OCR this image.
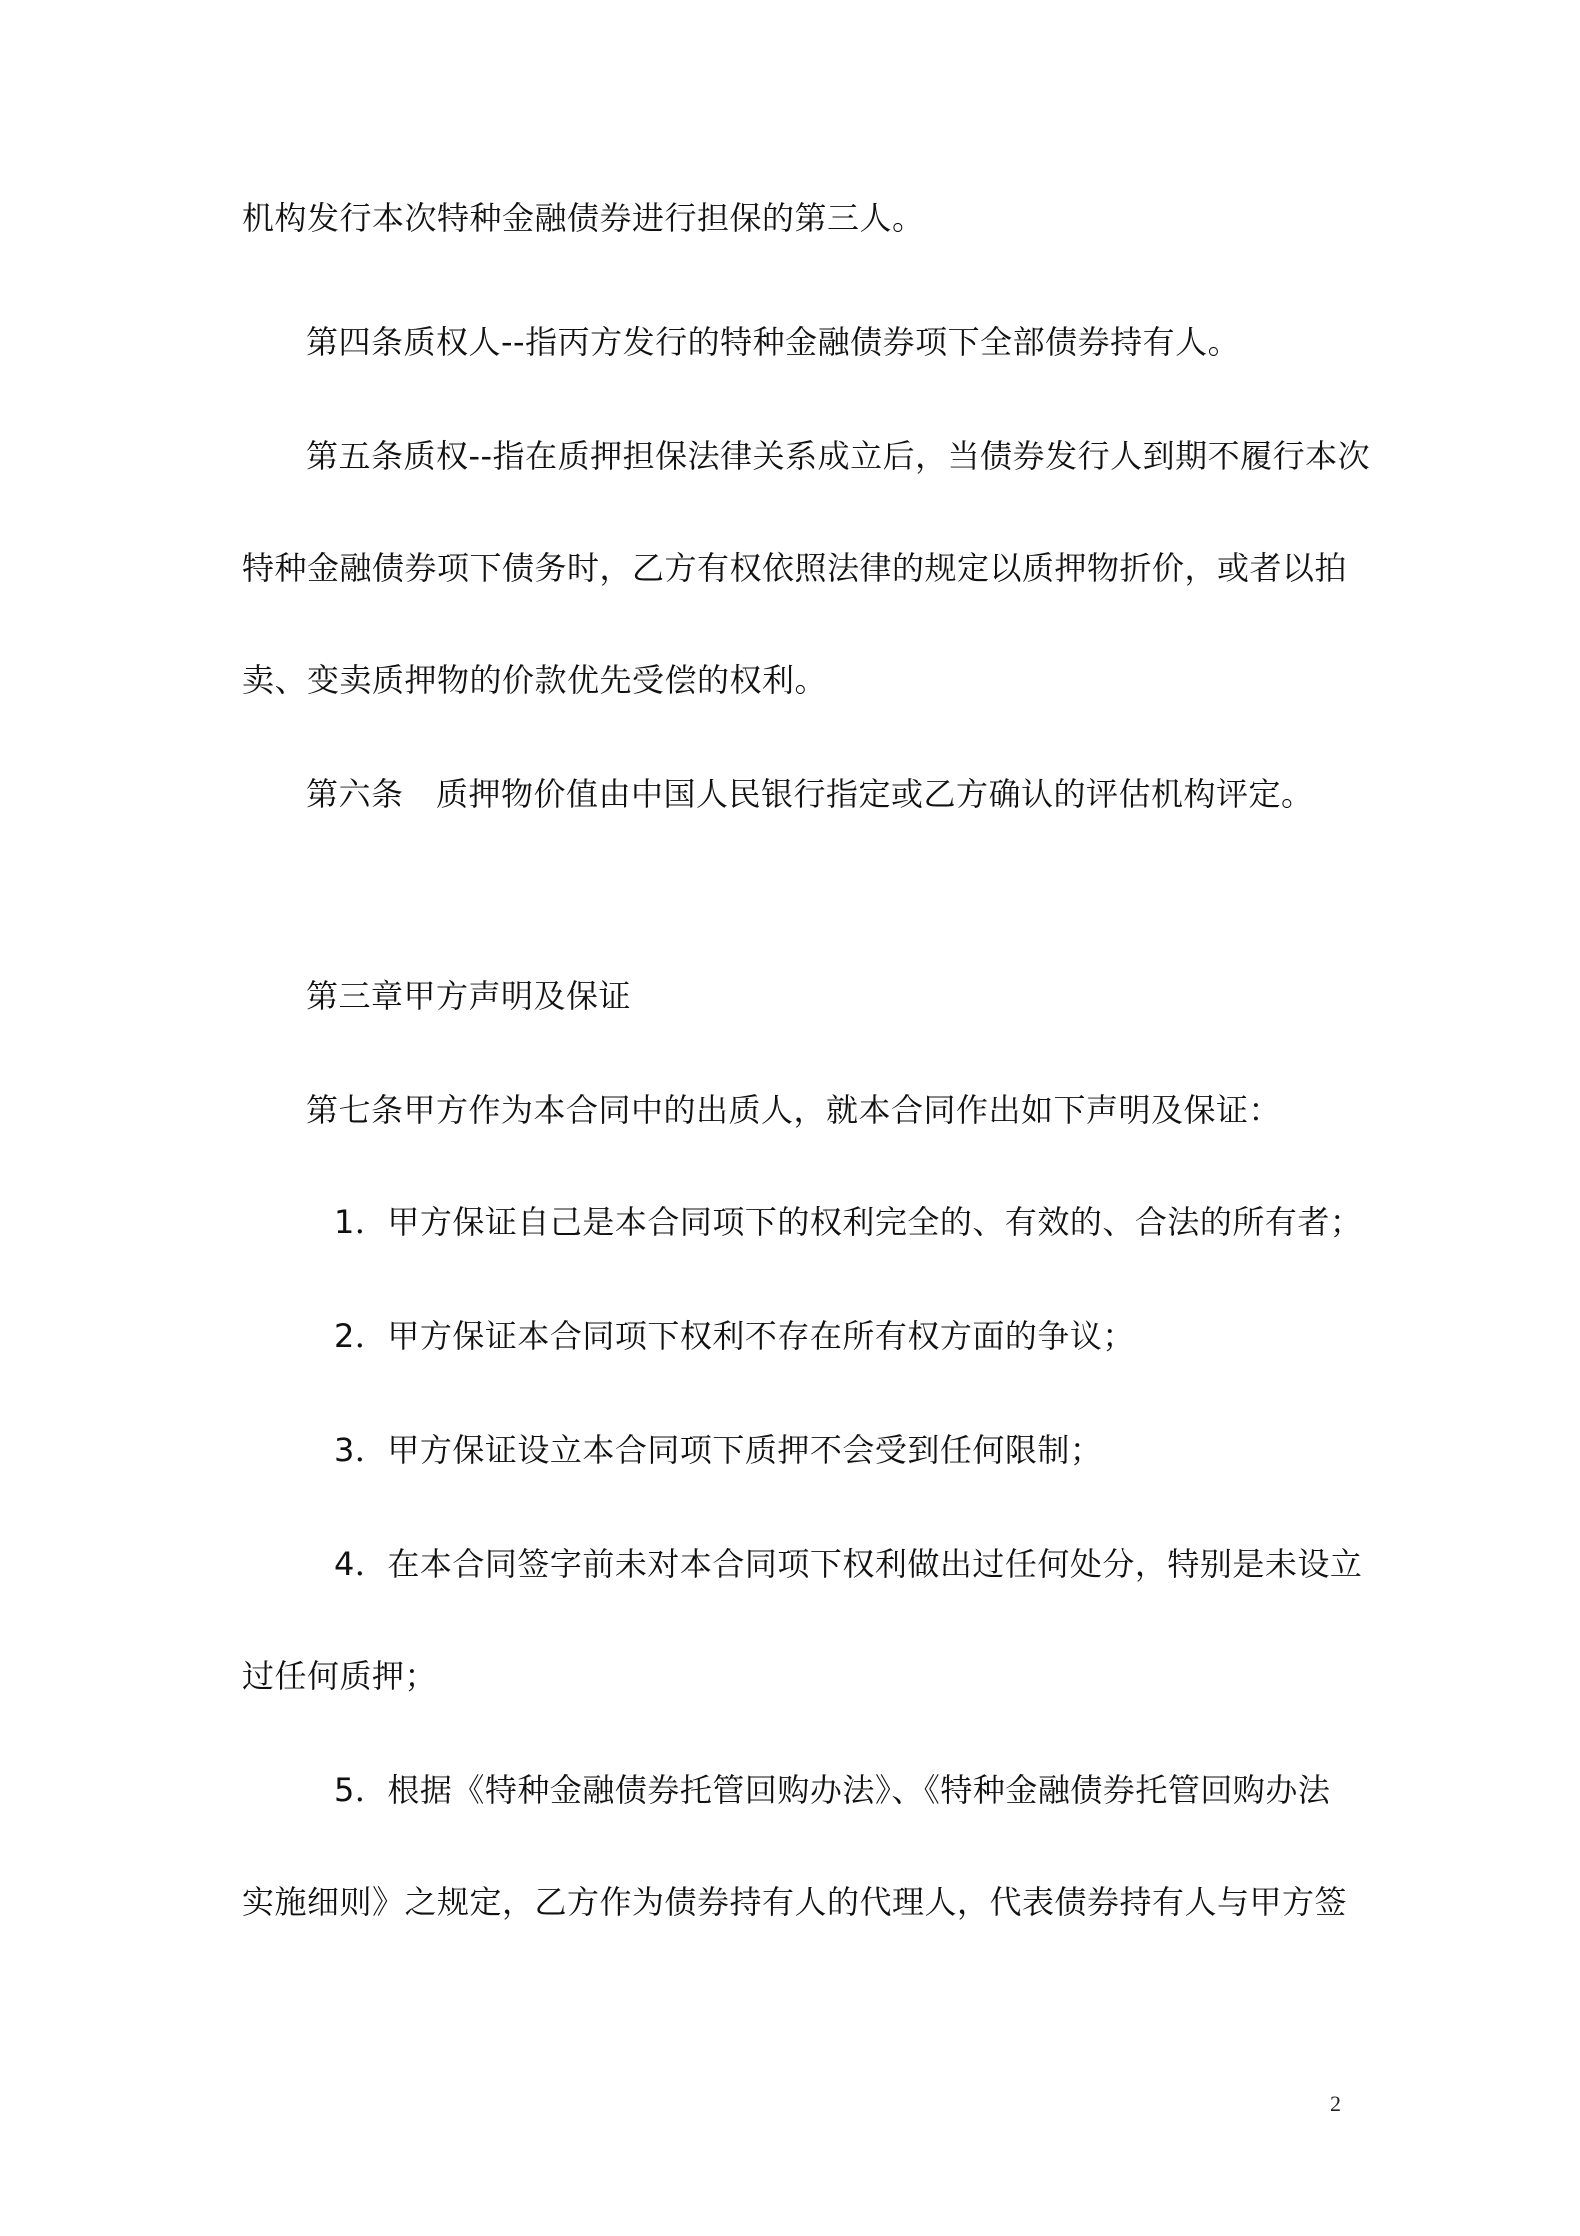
机构发行本次特种金融债券进行担保的第三人。
第四条质权人--指丙方发行的特种金融债券项下全部债券持有人。
第五条质权--指在质押担保法律关系成立后，当债券发行人到期不履行本次
特种金融债券项下债务时，乙方有权依照法律的规定以质押物折价，或者以拍
卖、变卖质押物的价款优先受偿的权利。
第六条　质押物价值由中国人民银行指定或乙方确认的评估机构评定。
第三章甲方声明及保证
第七条甲方作为本合同中的出质人，就本合同作出如下声明及保证：
1．甲方保证自己是本合同项下的权利完全的、有效的、合法的所有者；
2．甲方保证本合同项下权利不存在所有权方面的争议；
3．甲方保证设立本合同项下质押不会受到任何限制；
4．在本合同签字前未对本合同项下权利做出过任何处分，特别是未设立
过任何质押；
5．根据《特种金融债券托管回购办法》、《特种金融债券托管回购办法
实施细则》之规定，乙方作为债券持有人的代理人，代表债券持有人与甲方签
2
